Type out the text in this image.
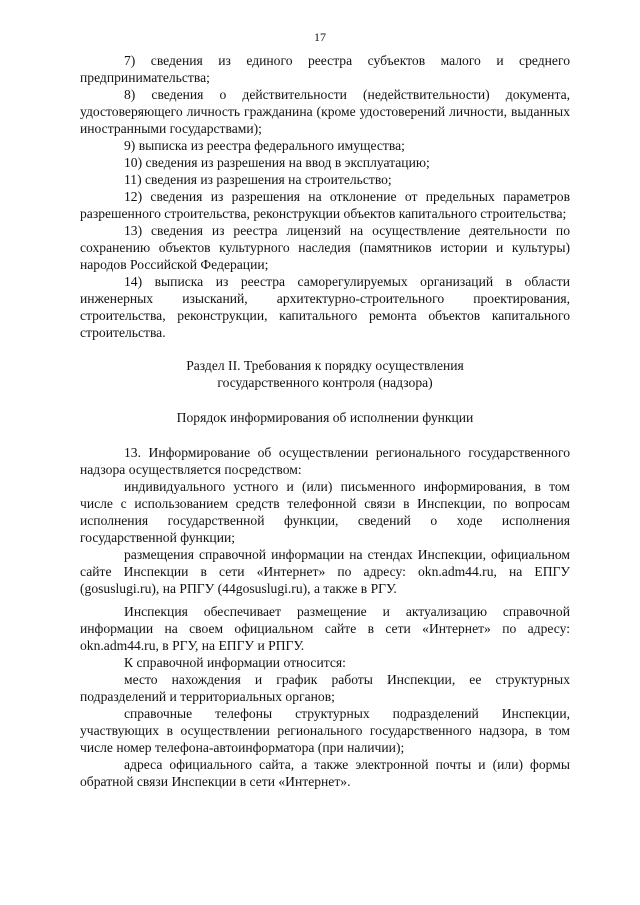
17

7) сведения из единого реестра субъектов малого и среднего предпринимательства;

8) сведения о действительности (недействительности) документа, удостоверяющего личность гражданина (кроме удостоверений личности, выданных иностранными государствами);

9) выписка из реестра федерального имущества;

10) сведения из разрешения на ввод в эксплуатацию;

11) сведения из разрешения на строительство;

12) сведения из разрешения на отклонение от предельных параметров разрешенного строительства, реконструкции объектов капитального строительства;

13) сведения из реестра лицензий на осуществление деятельности по сохранению объектов культурного наследия (памятников истории и культуры) народов Российской Федерации;

14) выписка из реестра саморегулируемых организаций в области инженерных изысканий, архитектурно-строительного проектирования, строительства, реконструкции, капитального ремонта объектов капитального строительства.

Раздел II. Требования к порядку осуществления

государственного контроля (надзора)

Порядок информирования об исполнении функции

13. Информирование об осуществлении регионального государственного надзора осуществляется посредством:

индивидуального устного и (или) письменного информирования, в том числе с использованием средств телефонной связи в Инспекции, по вопросам исполнения государственной функции, сведений о ходе исполнения государственной функции;

размещения справочной информации на стендах Инспекции, официальном сайте Инспекции в сети «Интернет» по адресу: okn.adm44.ru, на ЕПГУ (gosuslugi.ru), на РПГУ (44gosuslugi.ru), а также в РГУ.

Инспекция обеспечивает размещение и актуализацию справочной информации на своем официальном сайте в сети «Интернет» по адресу: okn.adm44.ru, в РГУ, на ЕПГУ и РПГУ.

К справочной информации относится:

место нахождения и график работы Инспекции, ее структурных подразделений и территориальных органов;

справочные телефоны структурных подразделений Инспекции, участвующих в осуществлении регионального государственного надзора, в том числе номер телефона-автоинформатора (при наличии);

адреса официального сайта, а также электронной почты и (или) формы обратной связи Инспекции в сети «Интернет».
